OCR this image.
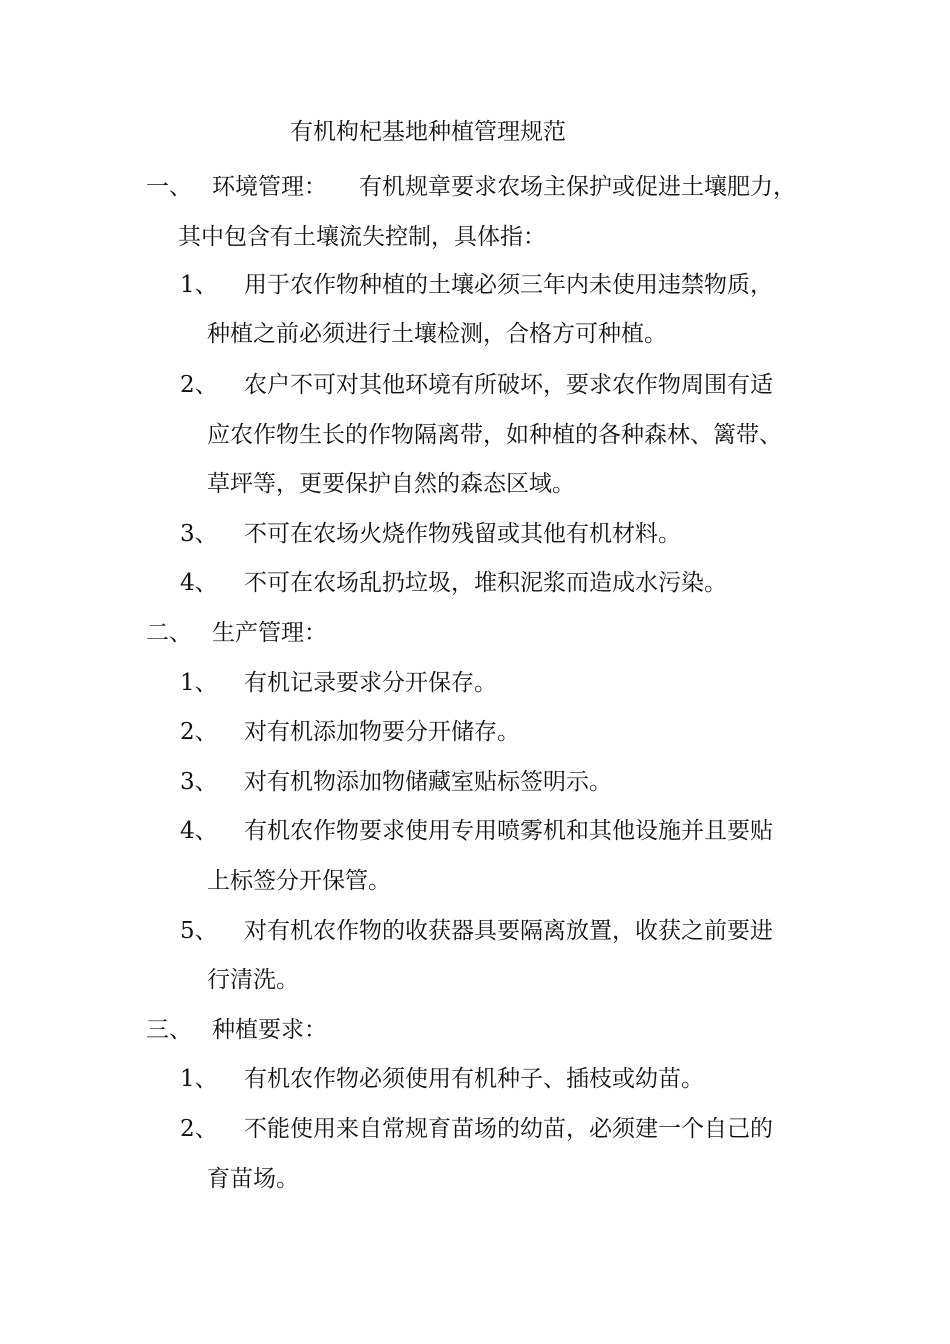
有机枸杞基地种植管理规范
一、 环境管理： 有机规章要求农场主保护或促进土壤肥力，
其中包含有土壤流失控制，具体指：
1、 用于农作物种植的土壤必须三年内未使用违禁物质，
种植之前必须进行土壤检测，合格方可种植。
2、 农户不可对其他环境有所破坏，要求农作物周围有适
应农作物生长的作物隔离带，如种植的各种森林、篱带、
草坪等，更要保护自然的森态区域。
3、 不可在农场火烧作物残留或其他有机材料。
4、 不可在农场乱扔垃圾，堆积泥浆而造成水污染。
二、 生产管理：
1、 有机记录要求分开保存。
2、 对有机添加物要分开储存。
3、 对有机物添加物储藏室贴标签明示。
4、 有机农作物要求使用专用喷雾机和其他设施并且要贴
上标签分开保管。
5、 对有机农作物的收获器具要隔离放置，收获之前要进
行清洗。
三、 种植要求：
1、 有机农作物必须使用有机种子、插枝或幼苗。
2、 不能使用来自常规育苗场的幼苗，必须建一个自己的
育苗场。
